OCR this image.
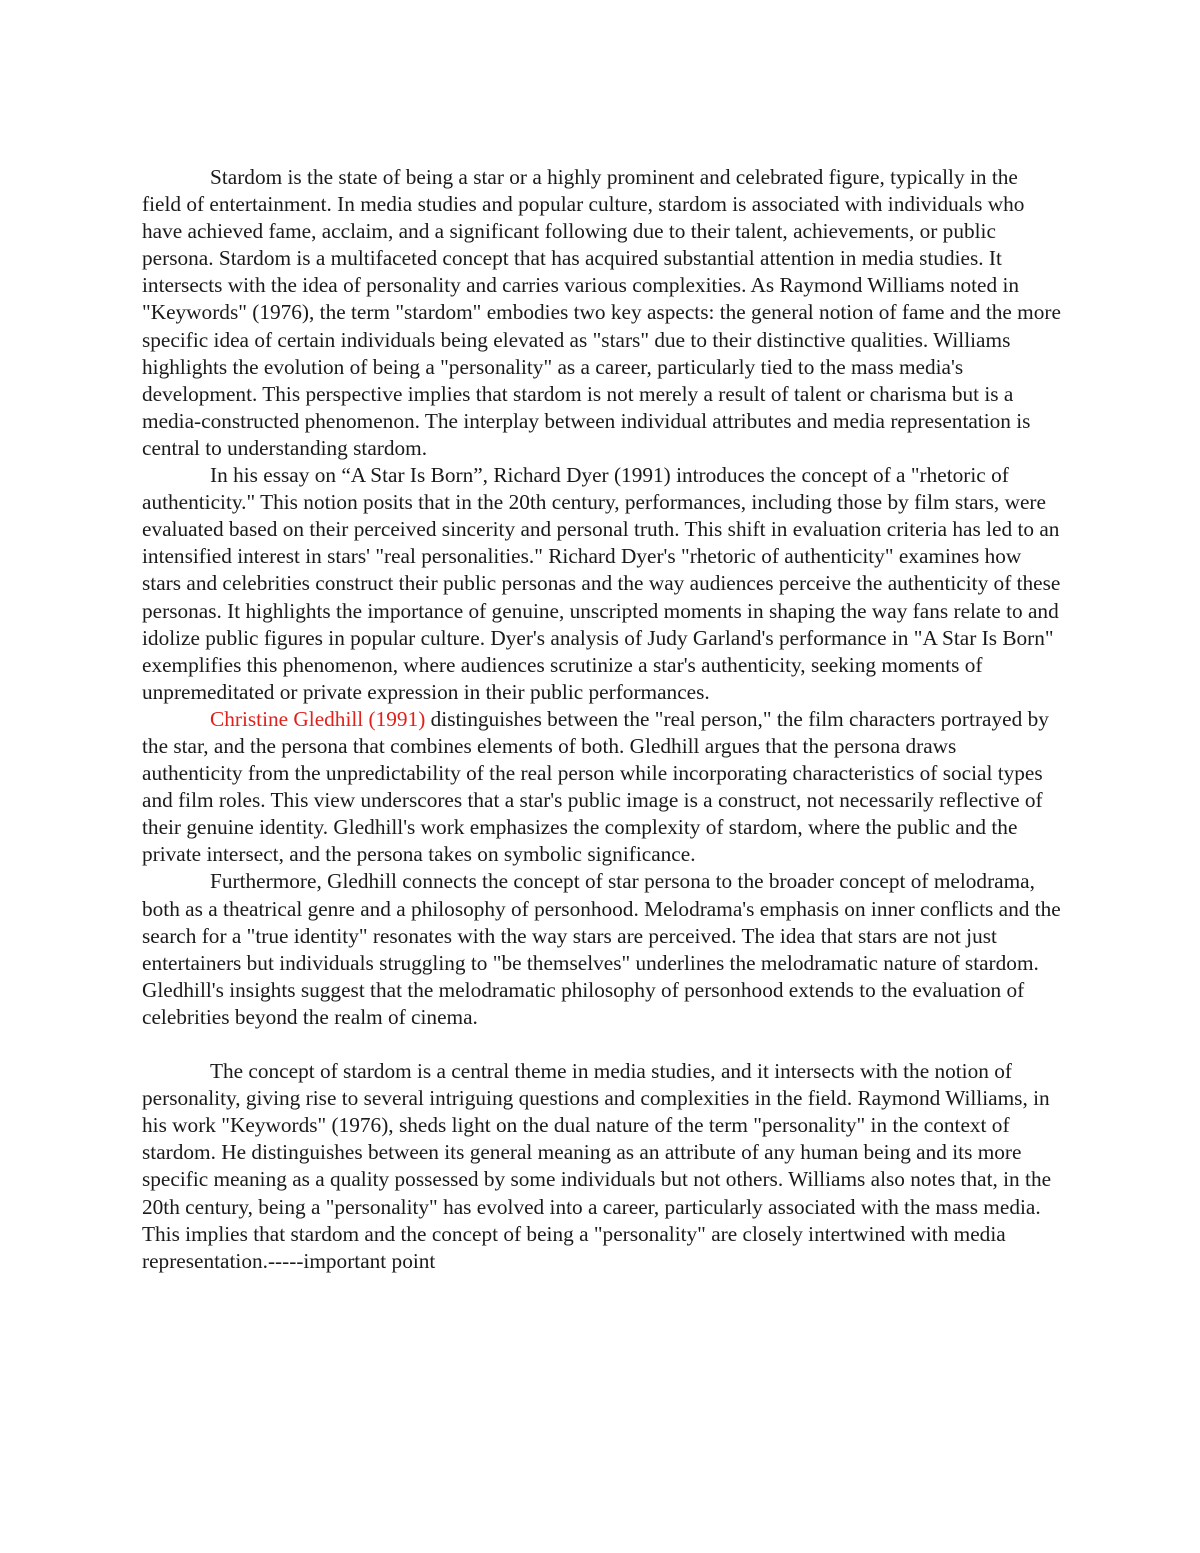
Stardom is the state of being a star or a highly prominent and celebrated figure, typically in the field of entertainment. In media studies and popular culture, stardom is associated with individuals who have achieved fame, acclaim, and a significant following due to their talent, achievements, or public persona. Stardom is a multifaceted concept that has acquired substantial attention in media studies. It intersects with the idea of personality and carries various complexities. As Raymond Williams noted in "Keywords" (1976), the term "stardom" embodies two key aspects: the general notion of fame and the more specific idea of certain individuals being elevated as "stars" due to their distinctive qualities. Williams highlights the evolution of being a "personality" as a career, particularly tied to the mass media's development. This perspective implies that stardom is not merely a result of talent or charisma but is a media-constructed phenomenon. The interplay between individual attributes and media representation is central to understanding stardom.

In his essay on “A Star Is Born”, Richard Dyer (1991) introduces the concept of a "rhetoric of authenticity." This notion posits that in the 20th century, performances, including those by film stars, were evaluated based on their perceived sincerity and personal truth. This shift in evaluation criteria has led to an intensified interest in stars' "real personalities." Richard Dyer's "rhetoric of authenticity" examines how stars and celebrities construct their public personas and the way audiences perceive the authenticity of these personas. It highlights the importance of genuine, unscripted moments in shaping the way fans relate to and idolize public figures in popular culture. Dyer's analysis of Judy Garland's performance in "A Star Is Born" exemplifies this phenomenon, where audiences scrutinize a star's authenticity, seeking moments of unpremeditated or private expression in their public performances.

Christine Gledhill (1991) distinguishes between the "real person," the film characters portrayed by the star, and the persona that combines elements of both. Gledhill argues that the persona draws authenticity from the unpredictability of the real person while incorporating characteristics of social types and film roles. This view underscores that a star's public image is a construct, not necessarily reflective of their genuine identity. Gledhill's work emphasizes the complexity of stardom, where the public and the private intersect, and the persona takes on symbolic significance.

Furthermore, Gledhill connects the concept of star persona to the broader concept of melodrama, both as a theatrical genre and a philosophy of personhood. Melodrama's emphasis on inner conflicts and the search for a "true identity" resonates with the way stars are perceived. The idea that stars are not just entertainers but individuals struggling to "be themselves" underlines the melodramatic nature of stardom. Gledhill's insights suggest that the melodramatic philosophy of personhood extends to the evaluation of celebrities beyond the realm of cinema.

The concept of stardom is a central theme in media studies, and it intersects with the notion of personality, giving rise to several intriguing questions and complexities in the field. Raymond Williams, in his work "Keywords" (1976), sheds light on the dual nature of the term "personality" in the context of stardom. He distinguishes between its general meaning as an attribute of any human being and its more specific meaning as a quality possessed by some individuals but not others. Williams also notes that, in the 20th century, being a "personality" has evolved into a career, particularly associated with the mass media. This implies that stardom and the concept of being a "personality" are closely intertwined with media representation.-----important point
